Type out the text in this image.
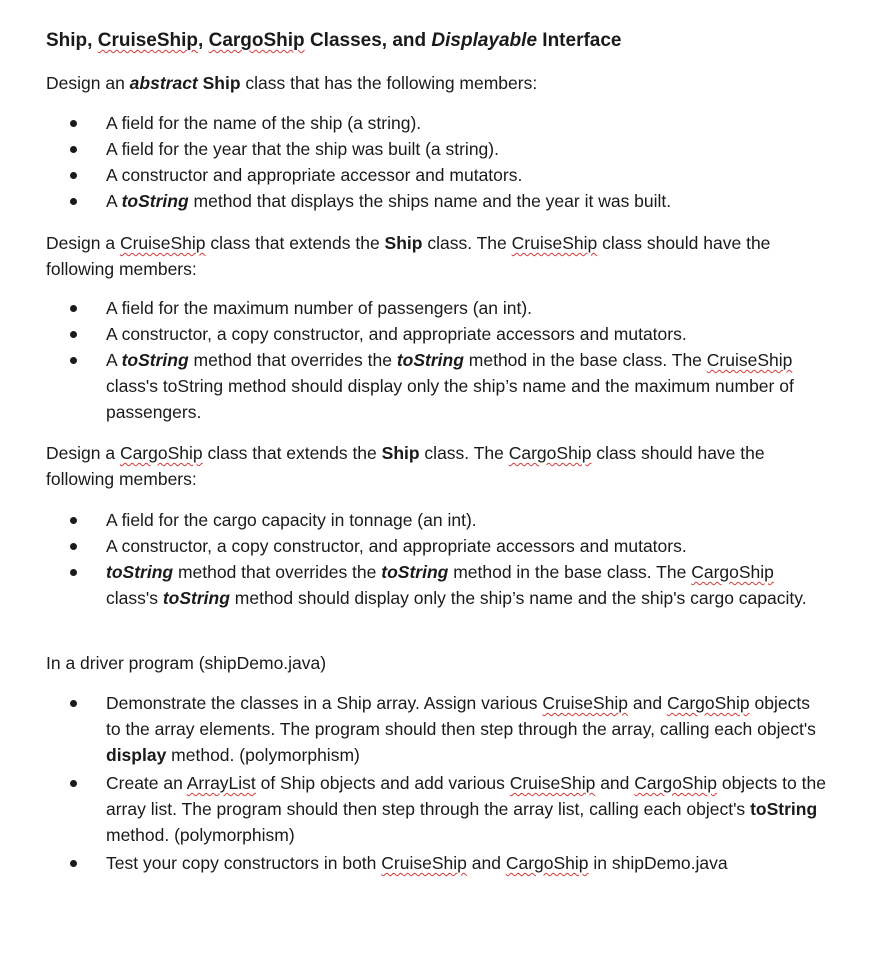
Ship, CruiseShip, CargoShip Classes, and Displayable Interface
Design an abstract Ship class that has the following members:
A field for the name of the ship (a string).
A field for the year that the ship was built (a string).
A constructor and appropriate accessor and mutators.
A toString method that displays the ships name and the year it was built.
Design a CruiseShip class that extends the Ship class. The CruiseShip class should have the following members:
A field for the maximum number of passengers (an int).
A constructor, a copy constructor, and appropriate accessors and mutators.
A toString method that overrides the toString method in the base class. The CruiseShip class's toString method should display only the ship’s name and the maximum number of passengers.
Design a CargoShip class that extends the Ship class. The CargoShip class should have the following members:
A field for the cargo capacity in tonnage (an int).
A constructor, a copy constructor, and appropriate accessors and mutators.
toString method that overrides the toString method in the base class. The CargoShip class's toString method should display only the ship’s name and the ship's cargo capacity.
In a driver program (shipDemo.java)
Demonstrate the classes in a Ship array. Assign various CruiseShip and CargoShip objects to the array elements. The program should then step through the array, calling each object's display method. (polymorphism)
Create an ArrayList of Ship objects and add various CruiseShip and CargoShip objects to the array list. The program should then step through the array list, calling each object's toString method. (polymorphism)
Test your copy constructors in both CruiseShip and CargoShip in shipDemo.java
